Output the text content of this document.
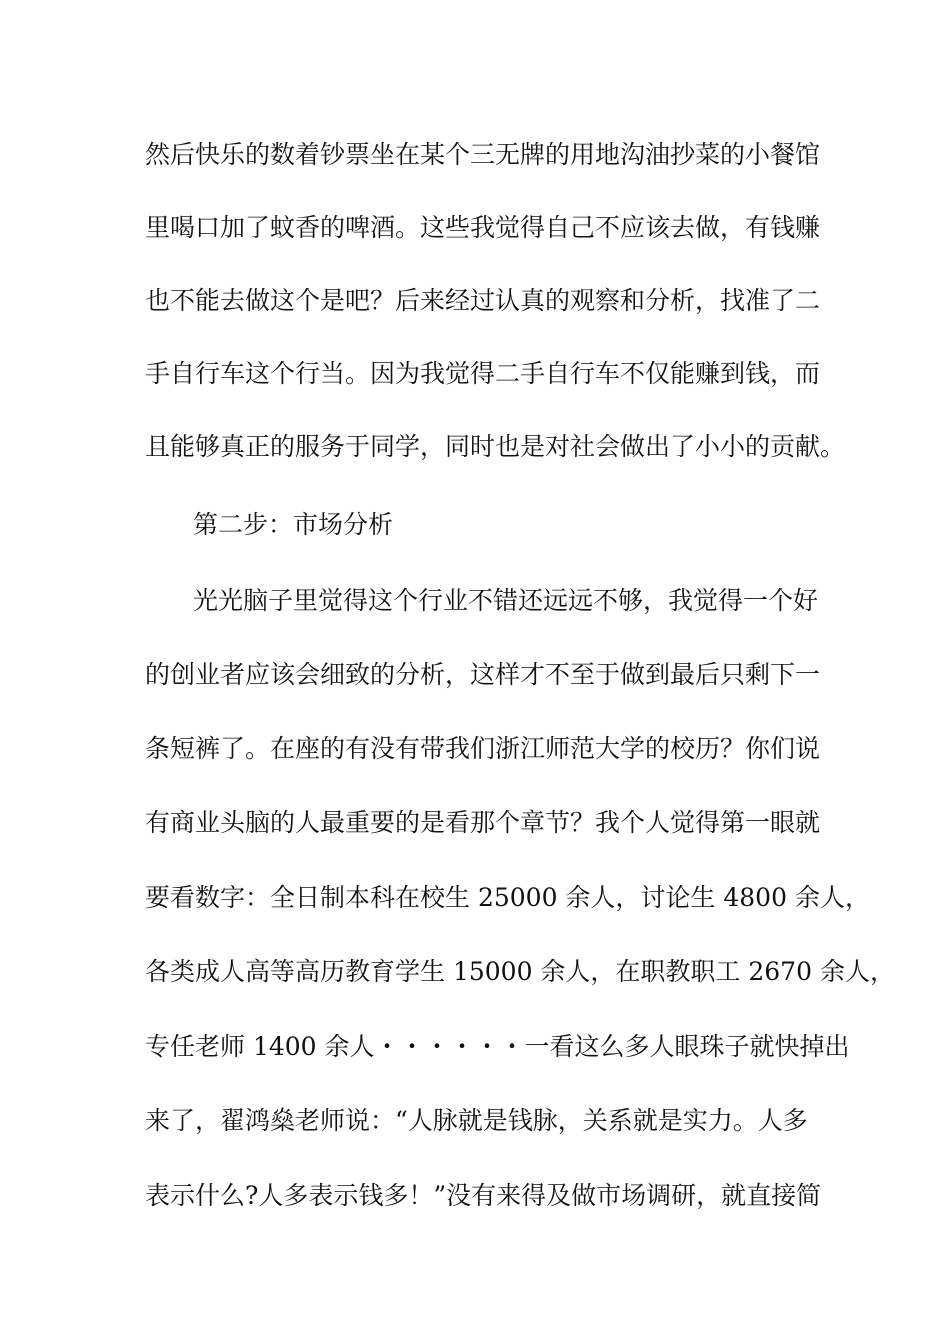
然后快乐的数着钞票坐在某个三无牌的用地沟油抄菜的小餐馆
里喝口加了蚊香的啤酒。这些我觉得自己不应该去做，有钱赚
也不能去做这个是吧？后来经过认真的观察和分析，找准了二
手自行车这个行当。因为我觉得二手自行车不仅能赚到钱，而
且能够真正的服务于同学，同时也是对社会做出了小小的贡献。
第二步：市场分析
光光脑子里觉得这个行业不错还远远不够，我觉得一个好
的创业者应该会细致的分析，这样才不至于做到最后只剩下一
条短裤了。在座的有没有带我们浙江师范大学的校历？你们说
有商业头脑的人最重要的是看那个章节？我个人觉得第一眼就
要看数字：全日制本科在校生 25000 余人，讨论生 4800 余人，
各类成人高等高历教育学生 15000 余人，在职教职工 2670 余人，
专任老师 1400 余人・・・・・・一看这么多人眼珠子就快掉出
来了，翟鸿燊老师说：“人脉就是钱脉，关系就是实力。人多
表示什么?人多表示钱多！”没有来得及做市场调研，就直接简
